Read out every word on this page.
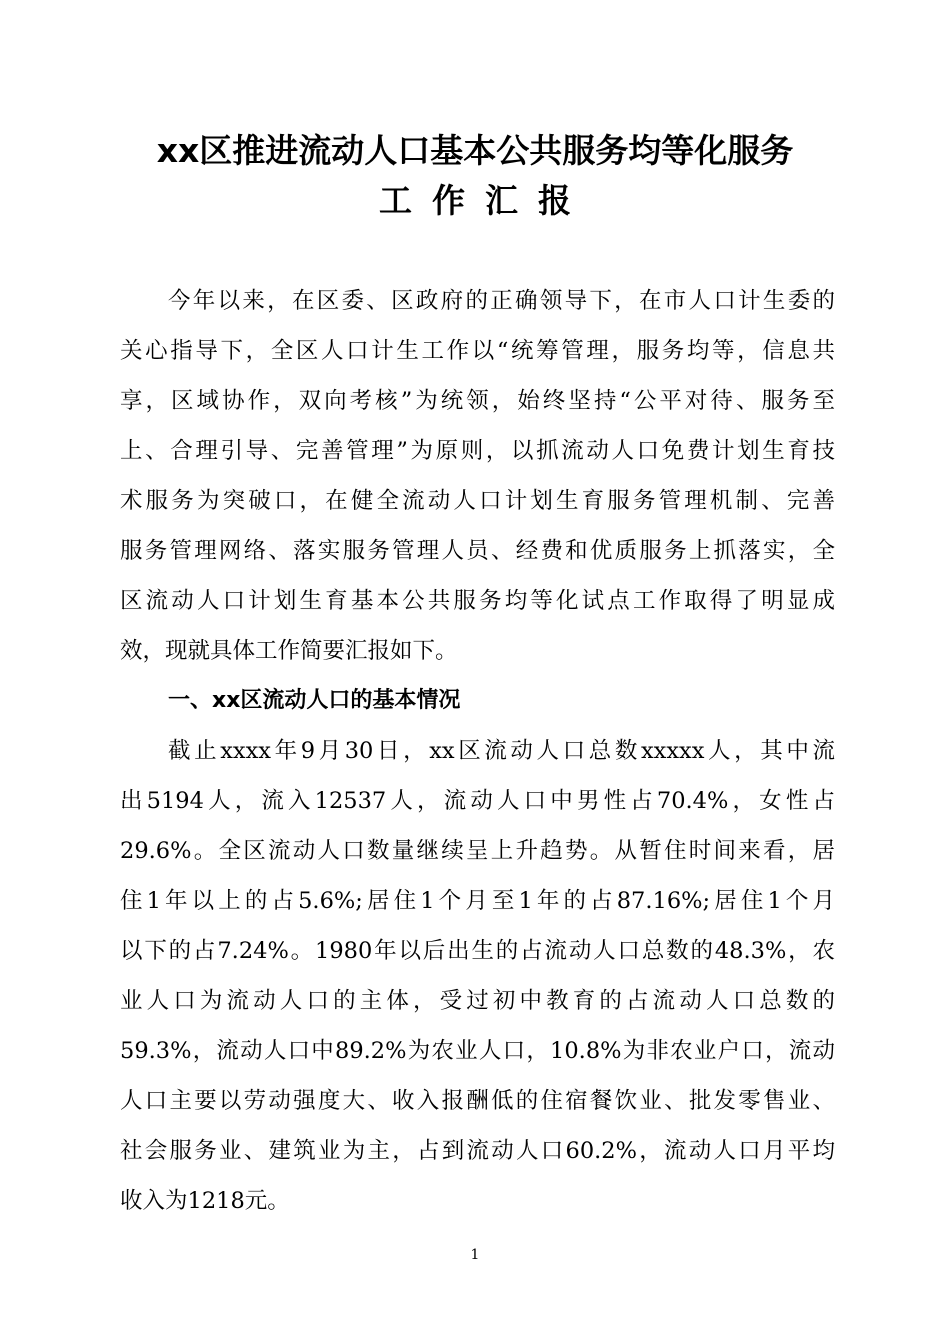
xx区推进流动人口基本公共服务均等化服务
工作汇报

今年以来，在区委、区政府的正确领导下，在市人口计生委的

关心指导下，全区人口计生工作以“统筹管理，服务均等，信息共

享，区域协作，双向考核”为统领，始终坚持“公平对待、服务至

上、合理引导、完善管理”为原则，以抓流动人口免费计划生育技

术服务为突破口，在健全流动人口计划生育服务管理机制、完善

服务管理网络、落实服务管理人员、经费和优质服务上抓落实，全

区流动人口计划生育基本公共服务均等化试点工作取得了明显成

效，现就具体工作简要汇报如下。

一、xx区流动人口的基本情况

截止xxxx年9月30日，xx区流动人口总数xxxxx人，其中流

出5194人，流入12537人，流动人口中男性占70.4%，女性占

29.6%。全区流动人口数量继续呈上升趋势。从暂住时间来看，居

住1年以上的占5.6%;居住1个月至1年的占87.16%;居住1个月

以下的占7.24%。1980年以后出生的占流动人口总数的48.3%，农

业人口为流动人口的主体，受过初中教育的占流动人口总数的

59.3%，流动人口中89.2%为农业人口，10.8%为非农业户口，流动

人口主要以劳动强度大、收入报酬低的住宿餐饮业、批发零售业、

社会服务业、建筑业为主，占到流动人口60.2%，流动人口月平均

收入为1218元。

1
